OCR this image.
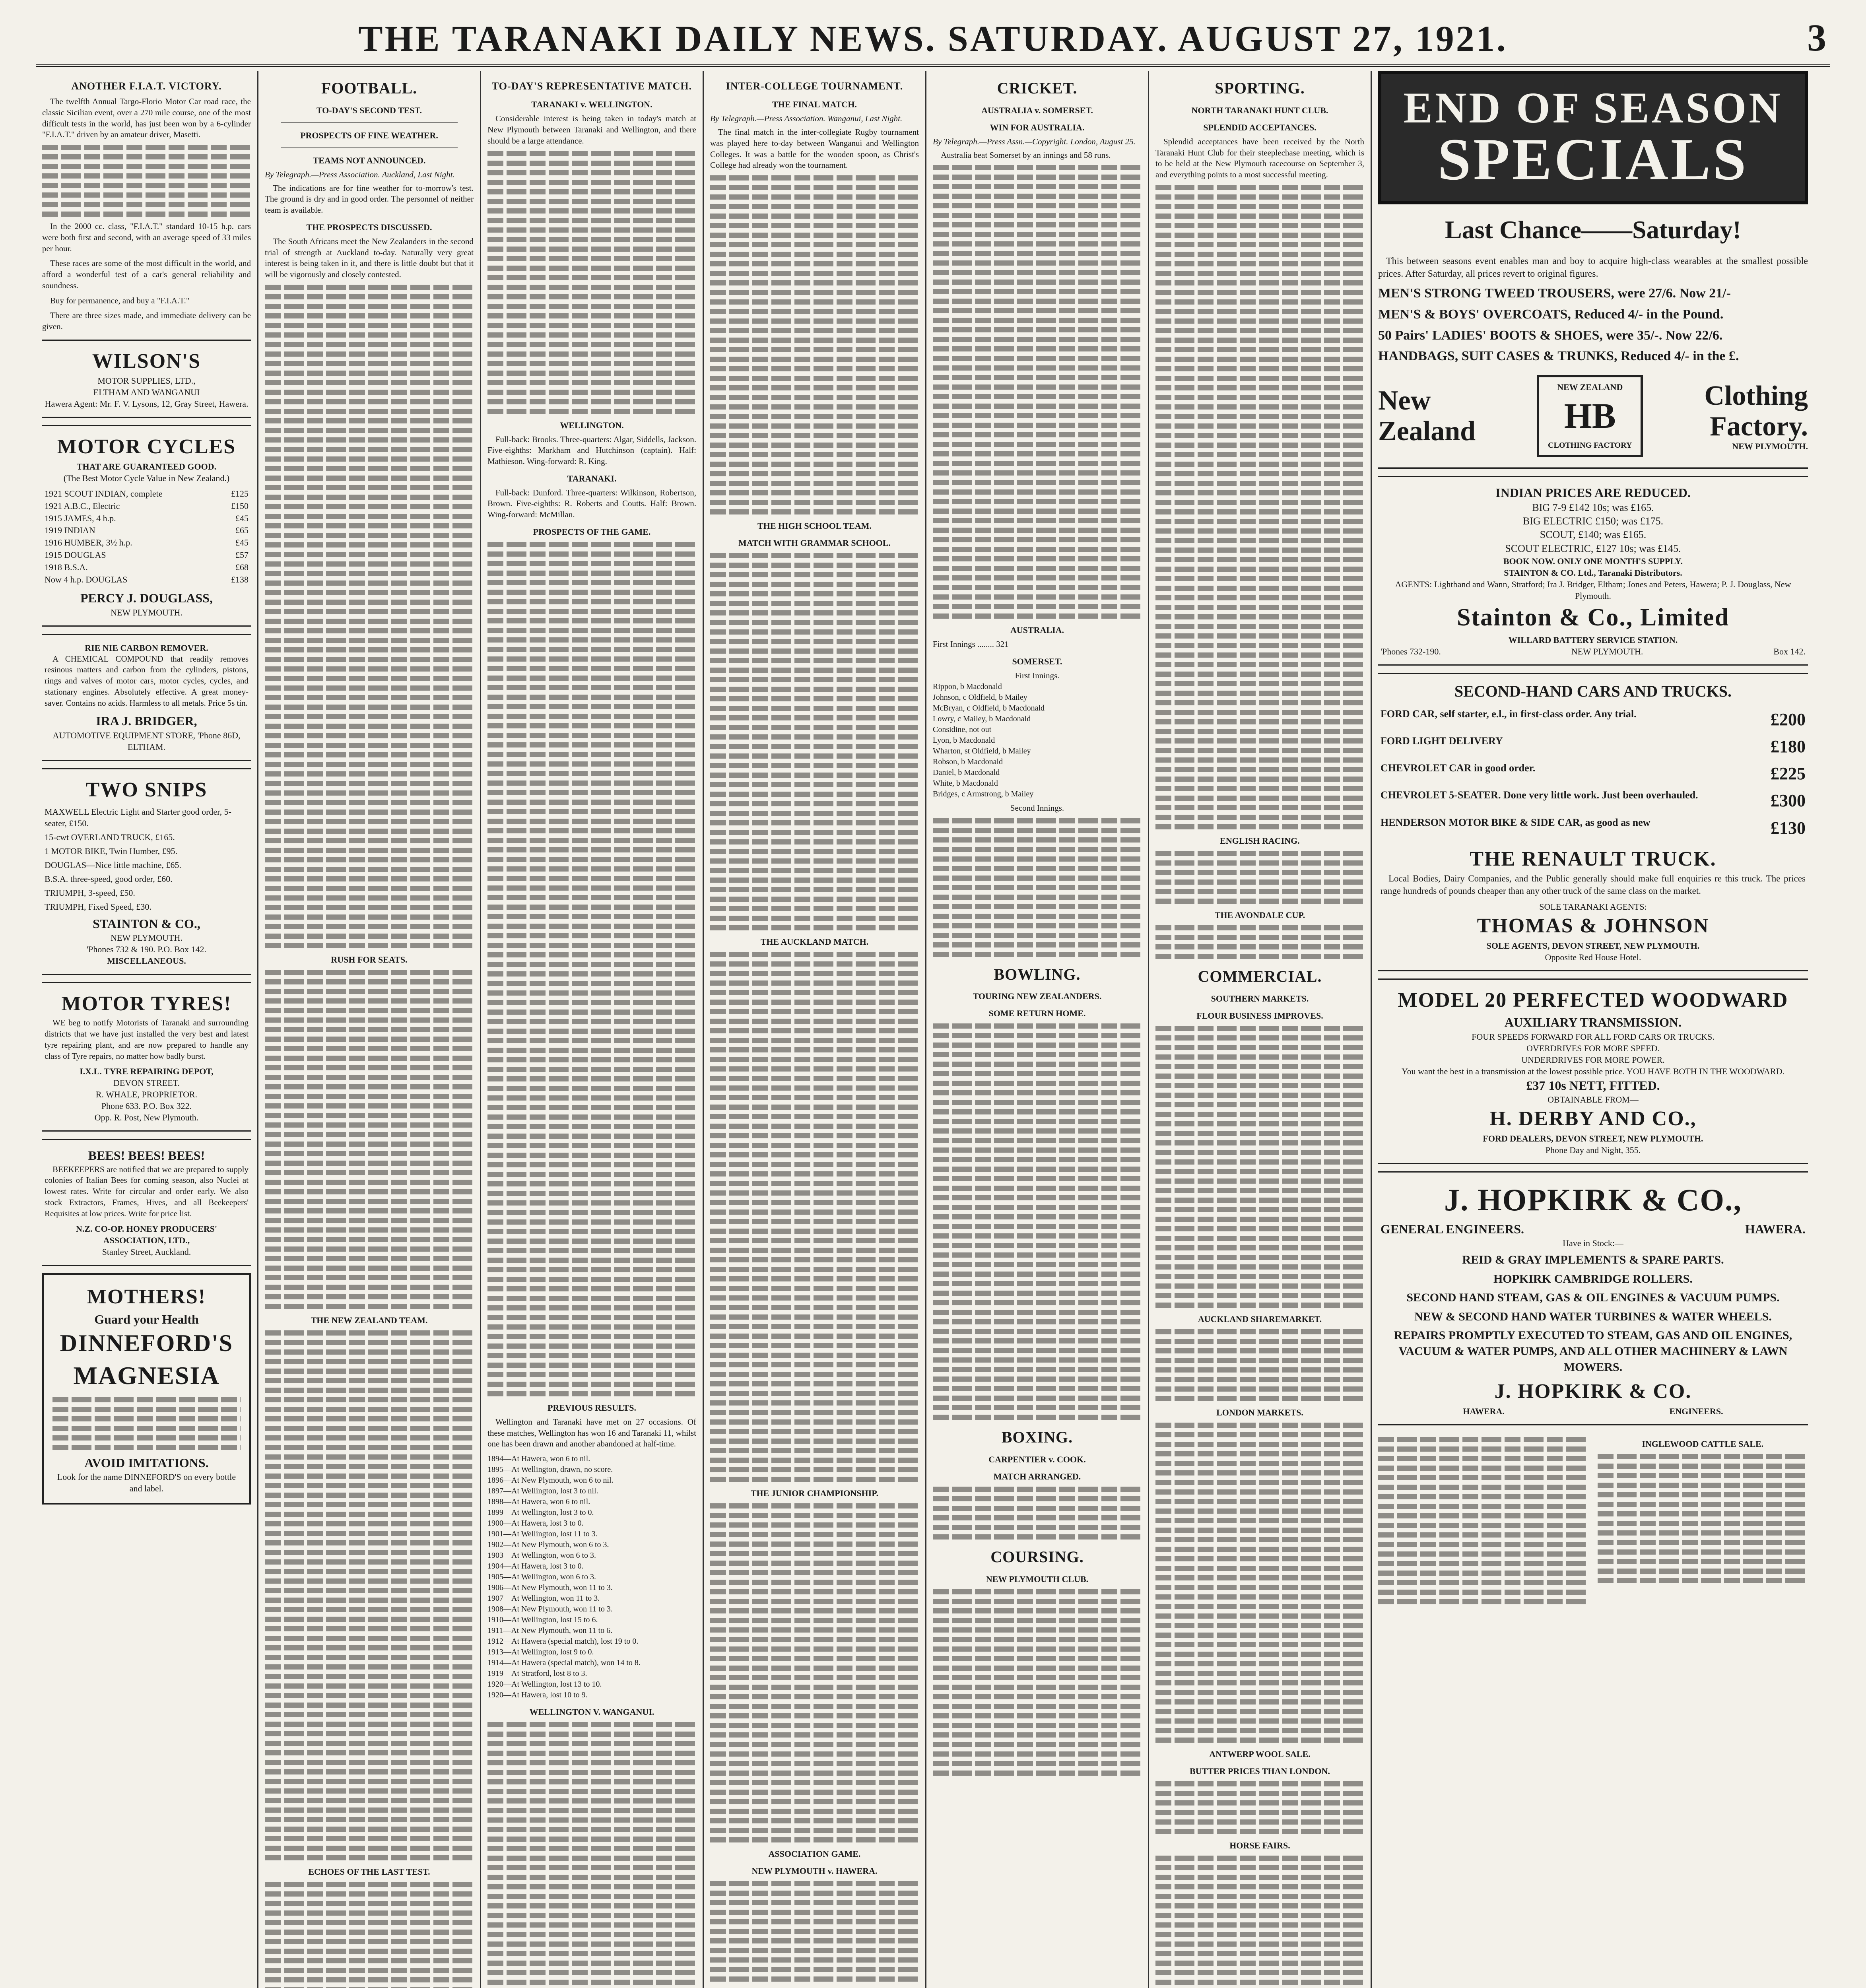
THE TARANAKI DAILY NEWS. SATURDAY. AUGUST 27, 1921.	3
ANOTHER F.I.A.T. VICTORY.

The twelfth Annual Targo-Florio Motor Car road race, the classic Sicilian event, over a 270 mile course, one of the most difficult tests in the world, has just been won by a 6-cylinder "F.I.A.T." driven by an amateur driver, Masetti.

In the 2000 cc. class, "F.I.A.T." standard 10-15 h.p. cars were both first and second, with an average speed of 33 miles per hour.

These races are some of the most difficult in the world, and afford a wonderful test of a car's general reliability and soundness.

Buy for permanence, and buy a "F.I.A.T."

There are three sizes made, and immediate delivery can be given.

WILSON'S
MOTOR SUPPLIES, LTD.,
ELTHAM AND WANGANUI
Hawera Agent: Mr. F. V. Lysons, 12, Gray Street, Hawera.
MOTOR CYCLES
THAT ARE GUARANTEED GOOD.
(The Best Motor Cycle Value in New Zealand.)
1921 SCOUT INDIAN, complete	£125
1921 A.B.C., Electric	£150
1915 JAMES, 4 h.p.	£45
1919 INDIAN	£65
1916 HUMBER, 3½ h.p.	£45
1915 DOUGLAS	£57
1918 B.S.A.	£68
Now 4 h.p. DOUGLAS	£138
PERCY J. DOUGLASS,
NEW PLYMOUTH.
RIE NIE CARBON REMOVER.

A CHEMICAL COMPOUND that readily removes resinous matters and carbon from the cylinders, pistons, rings and valves of motor cars, motor cycles, cycles, and stationary engines. Absolutely effective. A great money-saver. Contains no acids. Harmless to all metals. Price 5s tin.

IRA J. BRIDGER,
AUTOMOTIVE EQUIPMENT STORE, 'Phone 86D, ELTHAM.
TWO SNIPS
MAXWELL Electric Light and Starter good order, 5-seater, £150.
15-cwt OVERLAND TRUCK, £165.
1 MOTOR BIKE, Twin Humber, £95.
DOUGLAS—Nice little machine, £65.
B.S.A. three-speed, good order, £60.
TRIUMPH, 3-speed, £50.
TRIUMPH, Fixed Speed, £30.
STAINTON & CO.,
NEW PLYMOUTH.
'Phones 732 & 190. P.O. Box 142.
MISCELLANEOUS.
MOTOR TYRES!

WE beg to notify Motorists of Taranaki and surrounding districts that we have just installed the very best and latest tyre repairing plant, and are now prepared to handle any class of Tyre repairs, no matter how badly burst.

I.X.L. TYRE REPAIRING DEPOT,
DEVON STREET.
R. WHALE, PROPRIETOR.
Phone 633. P.O. Box 322.
Opp. R. Post, New Plymouth.
BEES! BEES! BEES!

BEEKEEPERS are notified that we are prepared to supply colonies of Italian Bees for coming season, also Nuclei at lowest rates. Write for circular and order early. We also stock Extractors, Frames, Hives, and all Beekeepers' Requisites at low prices. Write for price list.

N.Z. CO-OP. HONEY PRODUCERS' ASSOCIATION, LTD.,
Stanley Street, Auckland.
MOTHERS!
Guard your Health
DINNEFORD'S
MAGNESIA
AVOID IMITATIONS.
Look for the name DINNEFORD'S on every bottle and label.
FOOTBALL.
TO-DAY'S SECOND TEST.
PROSPECTS OF FINE WEATHER.
TEAMS NOT ANNOUNCED.
By Telegraph.—Press Association. Auckland, Last Night.

The indications are for fine weather for to-morrow's test. The ground is dry and in good order. The personnel of neither team is available.

THE PROSPECTS DISCUSSED.

The South Africans meet the New Zealanders in the second trial of strength at Auckland to-day. Naturally very great interest is being taken in it, and there is little doubt but that it will be vigorously and closely contested.

RUSH FOR SEATS.
THE NEW ZEALAND TEAM.
ECHOES OF THE LAST TEST.
TO-DAY'S REPRESENTATIVE MATCH.
TARANAKI v. WELLINGTON.

Considerable interest is being taken in today's match at New Plymouth between Taranaki and Wellington, and there should be a large attendance.

WELLINGTON.

Full-back: Brooks. Three-quarters: Algar, Siddells, Jackson. Five-eighths: Markham and Hutchinson (captain). Half: Mathieson. Wing-forward: R. King.

TARANAKI.

Full-back: Dunford. Three-quarters: Wilkinson, Robertson, Brown. Five-eighths: R. Roberts and Coutts. Half: Brown. Wing-forward: McMillan.

PROSPECTS OF THE GAME.
PREVIOUS RESULTS.

Wellington and Taranaki have met on 27 occasions. Of these matches, Wellington has won 16 and Taranaki 11, whilst one has been drawn and another abandoned at half-time.

1894—At Hawera, won 6 to nil.
1895—At Wellington, drawn, no score.
1896—At New Plymouth, won 6 to nil.
1897—At Wellington, lost 3 to nil.
1898—At Hawera, won 6 to nil.
1899—At Wellington, lost 3 to 0.
1900—At Hawera, lost 3 to 0.
1901—At Wellington, lost 11 to 3.
1902—At New Plymouth, won 6 to 3.
1903—At Wellington, won 6 to 3.
1904—At Hawera, lost 3 to 0.
1905—At Wellington, won 6 to 3.
1906—At New Plymouth, won 11 to 3.
1907—At Wellington, won 11 to 3.
1908—At New Plymouth, won 11 to 3.
1910—At Wellington, lost 15 to 6.
1911—At New Plymouth, won 11 to 6.
1912—At Hawera (special match), lost 19 to 0.
1913—At Wellington, lost 9 to 0.
1914—At Hawera (special match), won 14 to 8.
1919—At Stratford, lost 8 to 3.
1920—At Wellington, lost 13 to 10.
1920—At Hawera, lost 10 to 9.
WELLINGTON V. WANGANUI.
INTER-COLLEGE TOURNAMENT.
THE FINAL MATCH.
By Telegraph.—Press Association. Wanganui, Last Night.

The final match in the inter-collegiate Rugby tournament was played here to-day between Wanganui and Wellington Colleges. It was a battle for the wooden spoon, as Christ's College had already won the tournament.

THE HIGH SCHOOL TEAM.
MATCH WITH GRAMMAR SCHOOL.
THE AUCKLAND MATCH.
THE JUNIOR CHAMPIONSHIP.
ASSOCIATION GAME.
NEW PLYMOUTH v. HAWERA.
CRICKET.
AUSTRALIA v. SOMERSET.
WIN FOR AUSTRALIA.
By Telegraph.—Press Assn.—Copyright. London, August 25.

Australia beat Somerset by an innings and 58 runs.

AUSTRALIA.
First Innings ........ 321
SOMERSET.
First Innings.
Rippon, b Macdonald
Johnson, c Oldfield, b Mailey
McBryan, c Oldfield, b Macdonald
Lowry, c Mailey, b Macdonald
Considine, not out
Lyon, b Macdonald
Wharton, st Oldfield, b Mailey
Robson, b Macdonald
Daniel, b Macdonald
White, b Macdonald
Bridges, c Armstrong, b Mailey
Second Innings.
BOWLING.
TOURING NEW ZEALANDERS.
SOME RETURN HOME.
BOXING.
CARPENTIER v. COOK.
MATCH ARRANGED.
COURSING.
NEW PLYMOUTH CLUB.
SPORTING.
NORTH TARANAKI HUNT CLUB.
SPLENDID ACCEPTANCES.

Splendid acceptances have been received by the North Taranaki Hunt Club for their steeplechase meeting, which is to be held at the New Plymouth racecourse on September 3, and everything points to a most successful meeting.

ENGLISH RACING.
THE AVONDALE CUP.
COMMERCIAL.
SOUTHERN MARKETS.
FLOUR BUSINESS IMPROVES.
AUCKLAND SHAREMARKET.
LONDON MARKETS.
ANTWERP WOOL SALE.
BUTTER PRICES THAN LONDON.
HORSE FAIRS.
END OF SEASON
SPECIALS
Last Chance——Saturday!

This between seasons event enables man and boy to acquire high-class wearables at the smallest possible prices. After Saturday, all prices revert to original figures.

MEN'S STRONG TWEED TROUSERS, were 27/6. Now 21/-
MEN'S & BOYS' OVERCOATS, Reduced 4/- in the Pound.
50 Pairs' LADIES' BOOTS & SHOES, were 35/-. Now 22/6.
HANDBAGS, SUIT CASES & TRUNKS, Reduced 4/- in the £.
New
Zealand
NEW ZEALAND
HB
CLOTHING FACTORY
Clothing
Factory.
NEW PLYMOUTH.
INDIAN PRICES ARE REDUCED.
BIG 7-9 £142 10s; was £165.
BIG ELECTRIC £150; was £175.
SCOUT, £140; was £165.
SCOUT ELECTRIC, £127 10s; was £145.
BOOK NOW. ONLY ONE MONTH'S SUPPLY.
STAINTON & CO. Ltd., Taranaki Distributors.
AGENTS: Lightband and Wann, Stratford; Ira J. Bridger, Eltham; Jones and Peters, Hawera; P. J. Douglass, New Plymouth.
Stainton & Co., Limited
WILLARD BATTERY SERVICE STATION.
'Phones 732-190.	NEW PLYMOUTH.	Box 142.
SECOND-HAND CARS AND TRUCKS.
FORD CAR, self starter, e.l., in first-class order. Any trial.	£200
FORD LIGHT DELIVERY	£180
CHEVROLET CAR in good order.	£225
CHEVROLET 5-SEATER. Done very little work. Just been overhauled.	£300
HENDERSON MOTOR BIKE & SIDE CAR, as good as new	£130
THE RENAULT TRUCK.

Local Bodies, Dairy Companies, and the Public generally should make full enquiries re this truck. The prices range hundreds of pounds cheaper than any other truck of the same class on the market.

SOLE TARANAKI AGENTS:
THOMAS & JOHNSON
SOLE AGENTS, DEVON STREET, NEW PLYMOUTH.
Opposite Red House Hotel.
MODEL 20 PERFECTED WOODWARD
AUXILIARY TRANSMISSION.
FOUR SPEEDS FORWARD FOR ALL FORD CARS OR TRUCKS.
OVERDRIVES FOR MORE SPEED.
UNDERDRIVES FOR MORE POWER.
You want the best in a transmission at the lowest possible price. YOU HAVE BOTH IN THE WOODWARD.
£37 10s NETT, FITTED.
OBTAINABLE FROM—
H. DERBY AND CO.,
FORD DEALERS, DEVON STREET, NEW PLYMOUTH.
Phone Day and Night, 355.
J. HOPKIRK & CO.,
GENERAL ENGINEERS.	HAWERA.
Have in Stock:—
REID & GRAY IMPLEMENTS & SPARE PARTS.
HOPKIRK CAMBRIDGE ROLLERS.
SECOND HAND STEAM, GAS & OIL ENGINES & VACUUM PUMPS.
NEW & SECOND HAND WATER TURBINES & WATER WHEELS.
REPAIRS PROMPTLY EXECUTED TO STEAM, GAS AND OIL ENGINES, VACUUM & WATER PUMPS, AND ALL OTHER MACHINERY & LAWN MOWERS.
J. HOPKIRK & CO.
HAWERA.	ENGINEERS.
INGLEWOOD CATTLE SALE.
